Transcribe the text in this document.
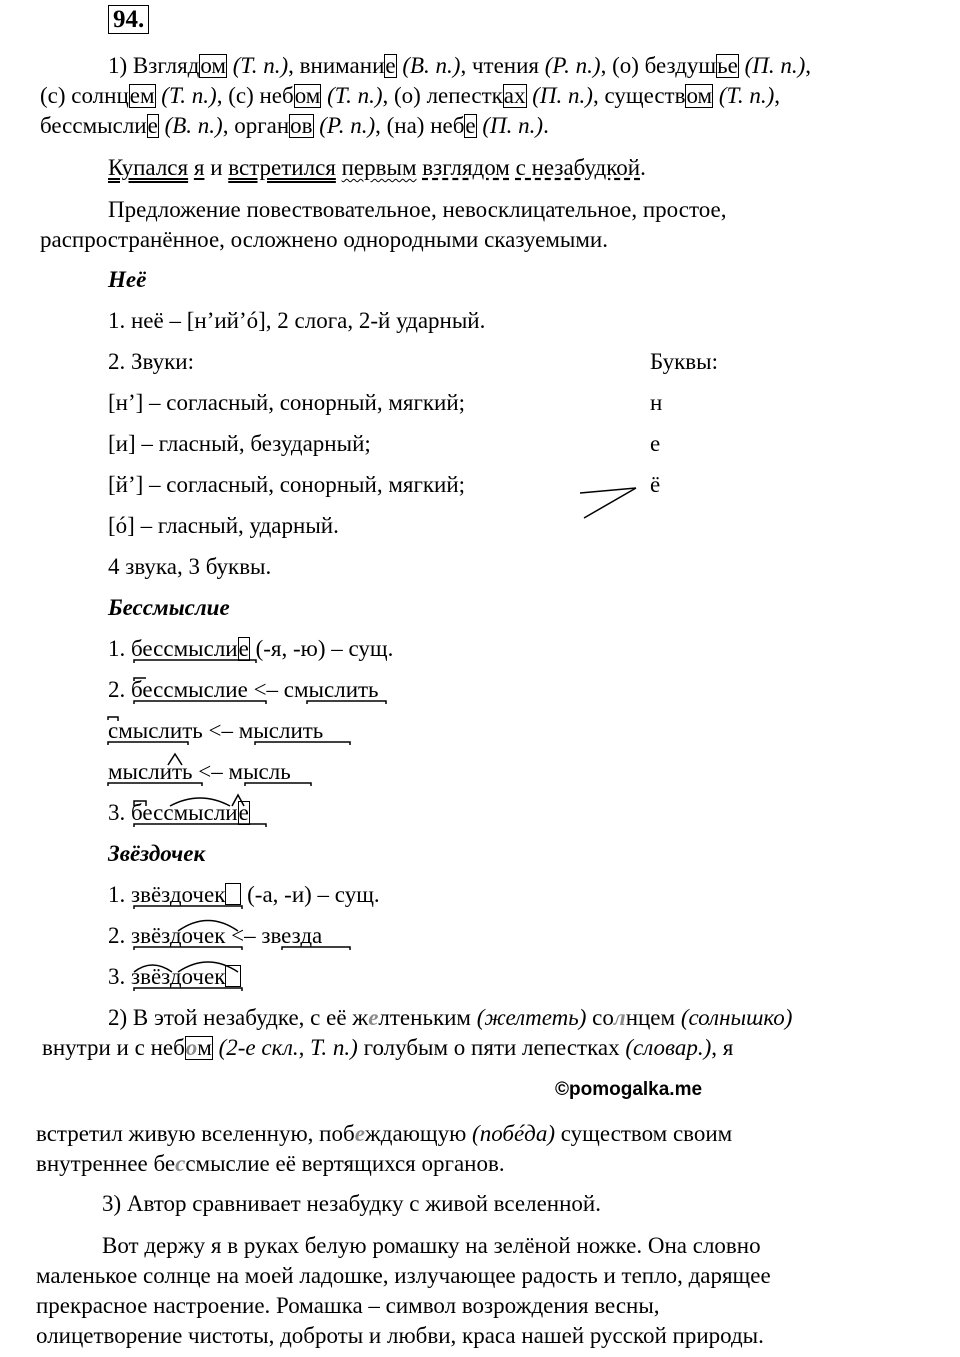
94.
1) Взглядом (Т. п.), внимание (В. п.), чтения (Р. п.), (о) бездушье (П. п.),
(с) солнцем (Т. п.), (с) небом (Т. п.), (о) лепестках (П. п.), существом (Т. п.),
бессмыслие (В. п.), органов (Р. п.), (на) небе (П. п.).
Купался я и встретился первым взглядом с незабудкой.
Предложение повествовательное, невосклицательное, простое,
распространённое, осложнено однородными сказуемыми.
Неё
1. неё – [н’ий’ó], 2 слога, 2-й ударный.
2. Звуки:	Буквы:
[н’] – согласный, сонорный, мягкий;	н
[и] – гласный, безударный;	е
[й’] – согласный, сонорный, мягкий;	ё
[ó] – гласный, ударный.
4 звука, 3 буквы.
Бессмыслие
1. бессмыслие (-я, -ю) – сущ.
2. бессмыслие <– смыслить
смыслить <– мыслить
мыслить <– мысль
3. бессмыслие
Звёздочек
1. звёздочек (-а, -и) – сущ.
2. звёздочек <– звезда
3. звёздочек
2) В этой незабудке, с её желтеньким (желтеть) солнцем (солнышко)
внутри и с небом (2-е скл., Т. п.) голубым о пяти лепестках (словар.), я
©pomogalka.me
встретил живую вселенную, побеждающую (побéда) существом своим
внутреннее бессмыслие её вертящихся органов.
3) Автор сравнивает незабудку с живой вселенной.
Вот держу я в руках белую ромашку на зелёной ножке. Она словно
маленькое солнце на моей ладошке, излучающее радость и тепло, дарящее
прекрасное настроение. Ромашка – символ возрождения весны,
олицетворение чистоты, доброты и любви, краса нашей русской природы.
